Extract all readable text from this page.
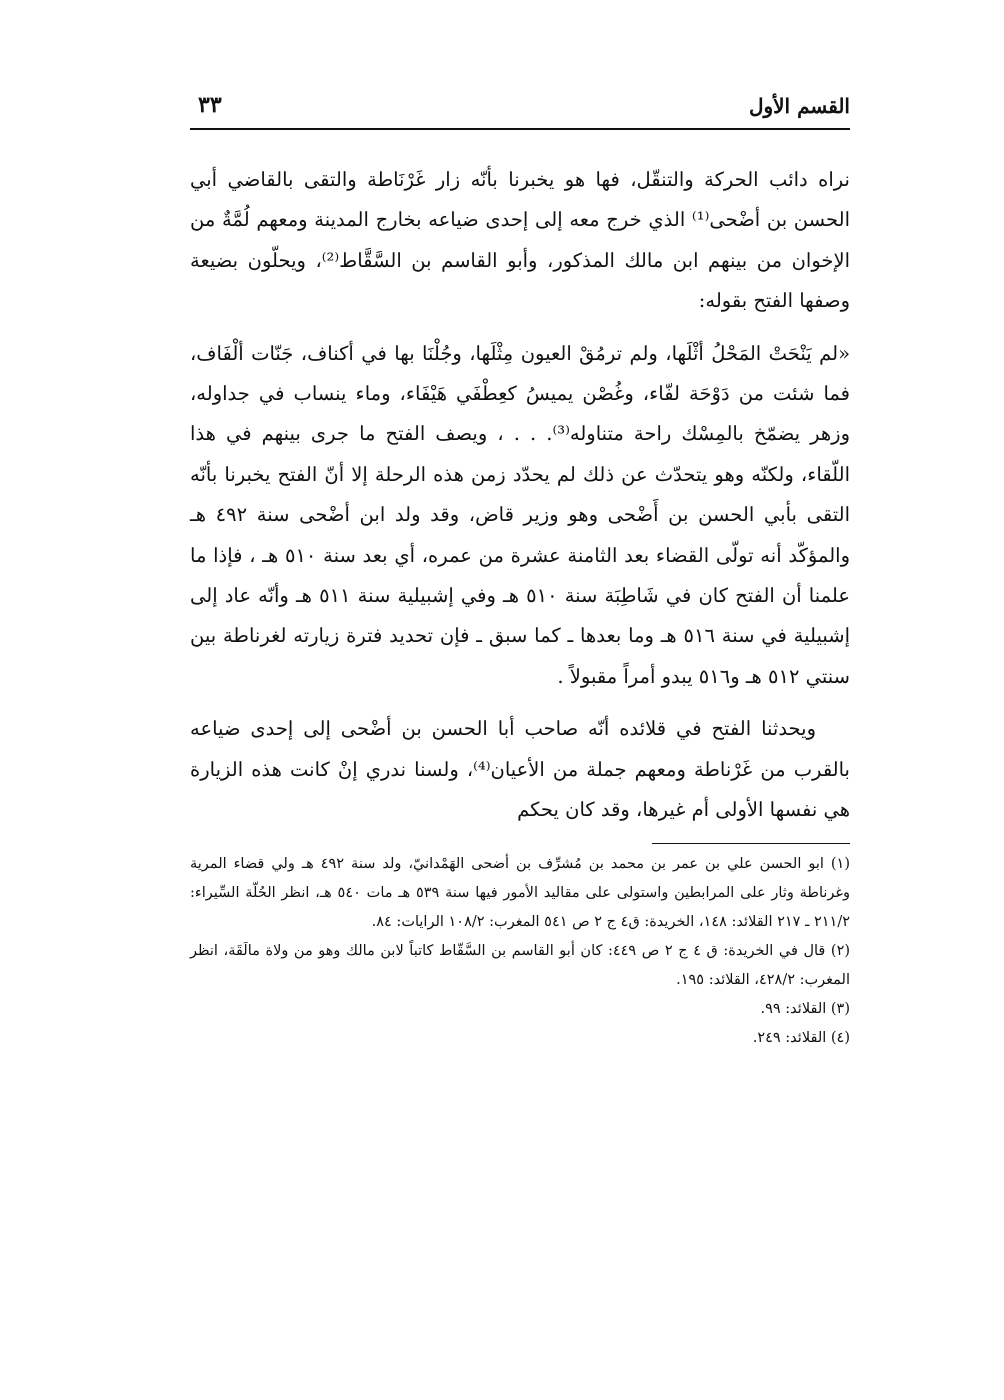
القسم الأول
٣٣

نراه دائب الحركة والتنقّل، فها هو يخبرنا بأنّه زار غَرْنَاطة والتقى بالقاضي أبي الحسن بن أضْحى⁽¹⁾ الذي خرج معه إلى إحدى ضياعه بخارج المدينة ومعهم لُمَّةٌ من الإخوان من بينهم ابن مالك المذكور، وأبو القاسم بن السَّقَّاط⁽²⁾، ويحلّون بضيعة وصفها الفتح بقوله:

«لم يَنْحَتْ المَحْلُ أثْلَها، ولم ترمُقْ العيون مِثْلَها، وجُلْنَا بها في أكناف، جَنّات ألْفَاف، فما شئت من دَوْحَة لفّاء، وغُصْن يميسُ كعِطْفَي هَيْفَاء، وماء ينساب في جداوله، وزهر يضمّخ بالمِسْك راحة متناوله⁽³⁾. . . ، ويصف الفتح ما جرى بينهم في هذا اللّقاء، ولكنّه وهو يتحدّث عن ذلك لم يحدّد زمن هذه الرحلة إلا أنّ الفتح يخبرنا بأنّه التقى بأبي الحسن بن أَضْحى وهو وزير قاض، وقد ولد ابن أضْحى سنة ٤٩٢ هـ والمؤكّد أنه تولّى القضاء بعد الثامنة عشرة من عمره، أي بعد سنة ٥١٠ هـ ، فإذا ما علمنا أن الفتح كان في شَاطِبَة سنة ٥١٠ هـ وفي إشبيلية سنة ٥١١ هـ وأنّه عاد إلى إشبيلية في سنة ٥١٦ هـ وما بعدها ـ كما سبق ـ فإن تحديد فترة زيارته لغرناطة بين سنتي ٥١٢ هـ و٥١٦ يبدو أمراً مقبولاً .

ويحدثنا الفتح في قلائده أنّه صاحب أبا الحسن بن أضْحى إلى إحدى ضياعه بالقرب من غَرْناطة ومعهم جملة من الأعيان⁽⁴⁾، ولسنا ندري إنْ كانت هذه الزيارة هي نفسها الأولى أم غيرها، وقد كان يحكم

(١) ابو الحسن علي بن عمر بن محمد بن مُشرِّف بن أضحى الهَمْدانيّ، ولد سنة ٤٩٢ هـ ولي قضاء المرية وغرناطة وثار على المرابطين واستولى على مقاليد الأمور فيها سنة ٥٣٩ هـ مات ٥٤٠ هـ، انظر الحُلّة السِّيراء: ٢١١/٢ ـ ٢١٧ القلائد: ١٤٨، الخريدة: ق٤ ج ٢ ص ٥٤١ المغرب: ١٠٨/٢ الرايات: ٨٤.

(٢) قال في الخريدة: ق ٤ ج ٢ ص ٤٤٩: كان أبو القاسم بن السَّقّاط كاتباً لابن مالك وهو من ولاة مالَقَة، انظر المغرب: ٤٢٨/٢، القلائد: ١٩٥.

(٣) القلائد: ٩٩.

(٤) القلائد: ٢٤٩.
